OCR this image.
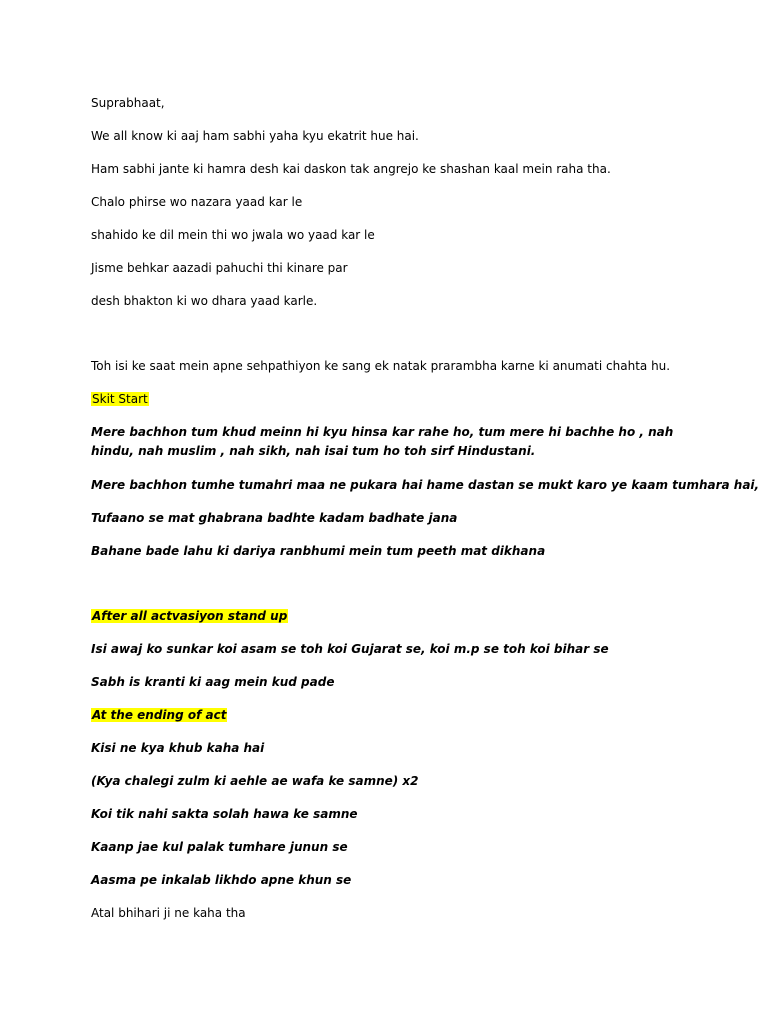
Suprabhaat,
We all know ki aaj ham sabhi yaha kyu ekatrit hue hai.
Ham sabhi jante ki hamra desh kai daskon tak angrejo ke shashan kaal mein raha tha.
Chalo phirse wo nazara yaad kar le
shahido ke dil mein thi wo jwala wo yaad kar le
Jisme behkar aazadi pahuchi thi kinare par
desh bhakton ki wo dhara yaad karle.
Toh isi ke saat mein apne sehpathiyon ke sang ek natak prarambha karne ki anumati chahta hu.
Skit Start
Mere bachhon tum khud meinn hi kyu hinsa kar rahe ho, tum mere hi bachhe ho , nah hindu, nah muslim , nah sikh, nah isai tum ho toh sirf Hindustani.
Mere bachhon tumhe tumahri maa ne pukara hai hame dastan se mukt karo ye kaam tumhara hai,
Tufaano se mat ghabrana badhte kadam badhate jana
Bahane bade lahu ki dariya ranbhumi mein tum peeth mat dikhana
After all actvasiyon stand up
Isi awaj ko sunkar koi asam se toh koi Gujarat se, koi m.p se toh koi bihar se
Sabh is kranti ki aag mein kud pade
At the ending of act
Kisi ne kya khub kaha hai
(Kya chalegi zulm ki aehle ae wafa ke samne) x2
Koi tik nahi sakta solah hawa ke samne
Kaanp jae kul palak tumhare junun se
Aasma pe inkalab likhdo apne khun se
Atal bhihari ji ne kaha tha
